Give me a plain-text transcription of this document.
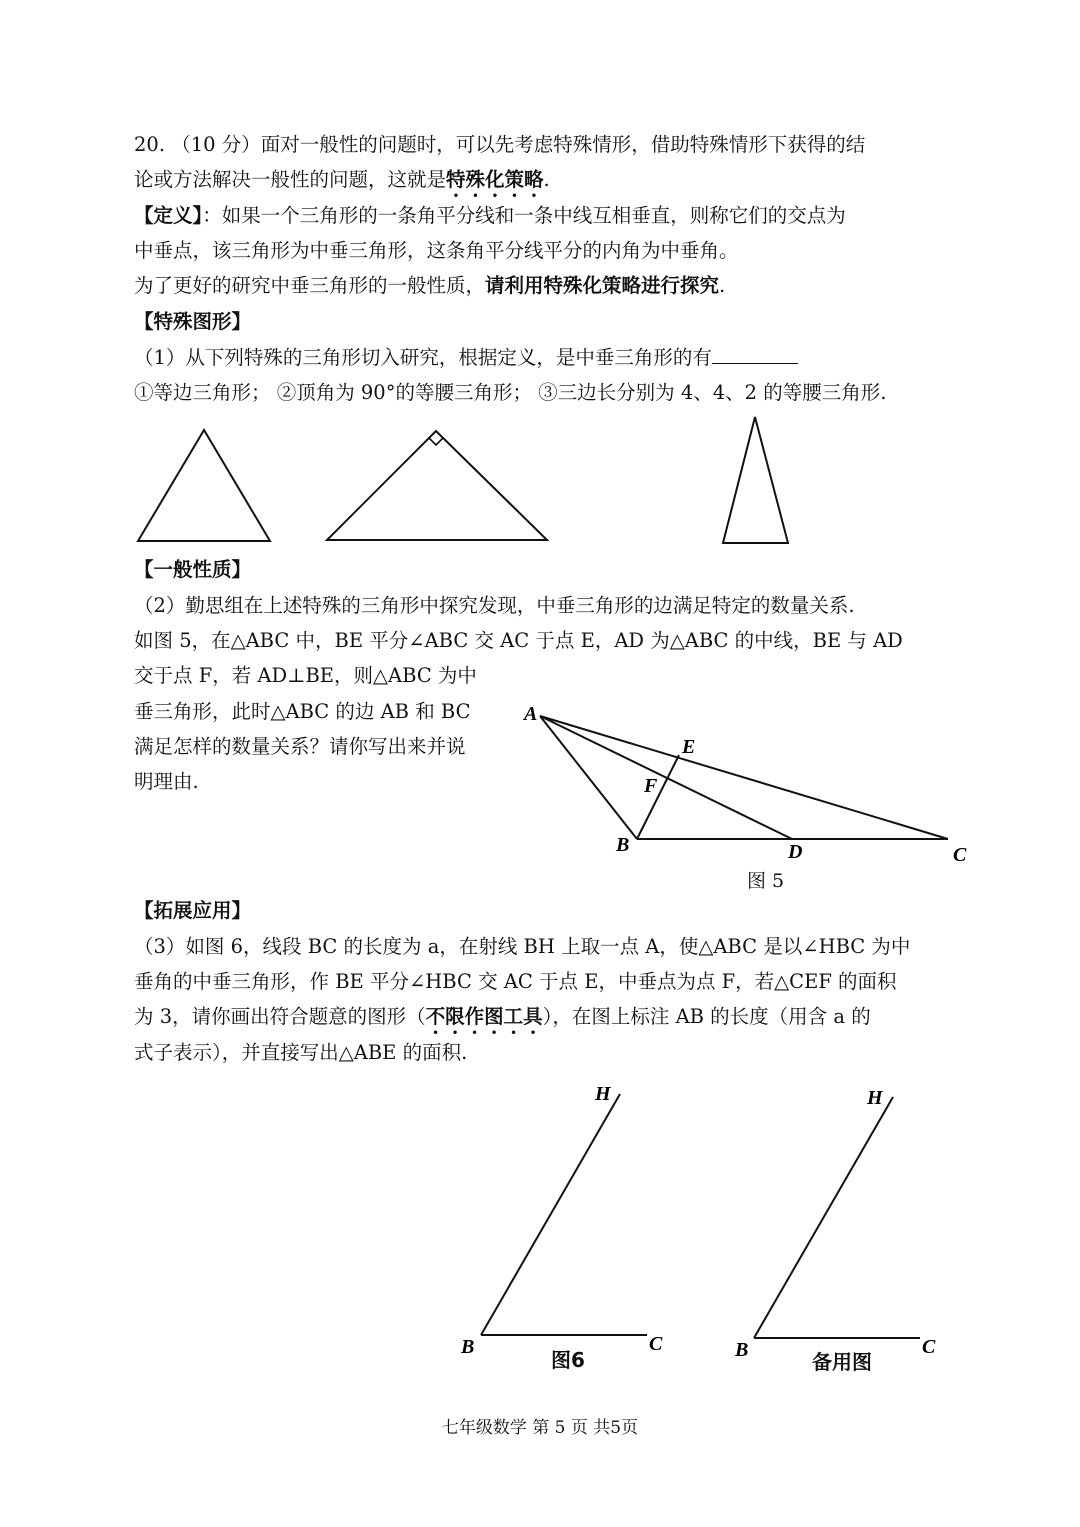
20. （10 分）面对一般性的问题时，可以先考虑特殊情形，借助特殊情形下获得的结
论或方法解决一般性的问题，这就是特殊化策略.
【定义】：如果一个三角形的一条角平分线和一条中线互相垂直，则称它们的交点为
中垂点，该三角形为中垂三角形，这条角平分线平分的内角为中垂角。
为了更好的研究中垂三角形的一般性质，请利用特殊化策略进行探究.
【特殊图形】
（1）从下列特殊的三角形切入研究，根据定义，是中垂三角形的有
①等边三角形； ②顶角为 90°的等腰三角形； ③三边长分别为 4、4、2 的等腰三角形.
【一般性质】
（2）勤思组在上述特殊的三角形中探究发现，中垂三角形的边满足特定的数量关系.
如图 5，在△ABC 中，BE 平分∠ABC 交 AC 于点 E，AD 为△ABC 的中线，BE 与 AD
交于点 F，若 AD⊥BE，则△ABC 为中
垂三角形，此时△ABC 的边 AB 和 BC
满足怎样的数量关系？请你写出来并说
明理由.
A
B	C
D
E
F
图 5
【拓展应用】
（3）如图 6，线段 BC 的长度为 a，在射线 BH 上取一点 A，使△ABC 是以∠HBC 为中
垂角的中垂三角形，作 BE 平分∠HBC 交 AC 于点 E，中垂点为点 F，若△CEF 的面积
为 3，请你画出符合题意的图形（不限作图工具），在图上标注 AB 的长度（用含 a 的
式子表示），并直接写出△ABE 的面积.
H
B	C
图6
H
B	C
备用图
七年级数学 第 5 页 共5页
